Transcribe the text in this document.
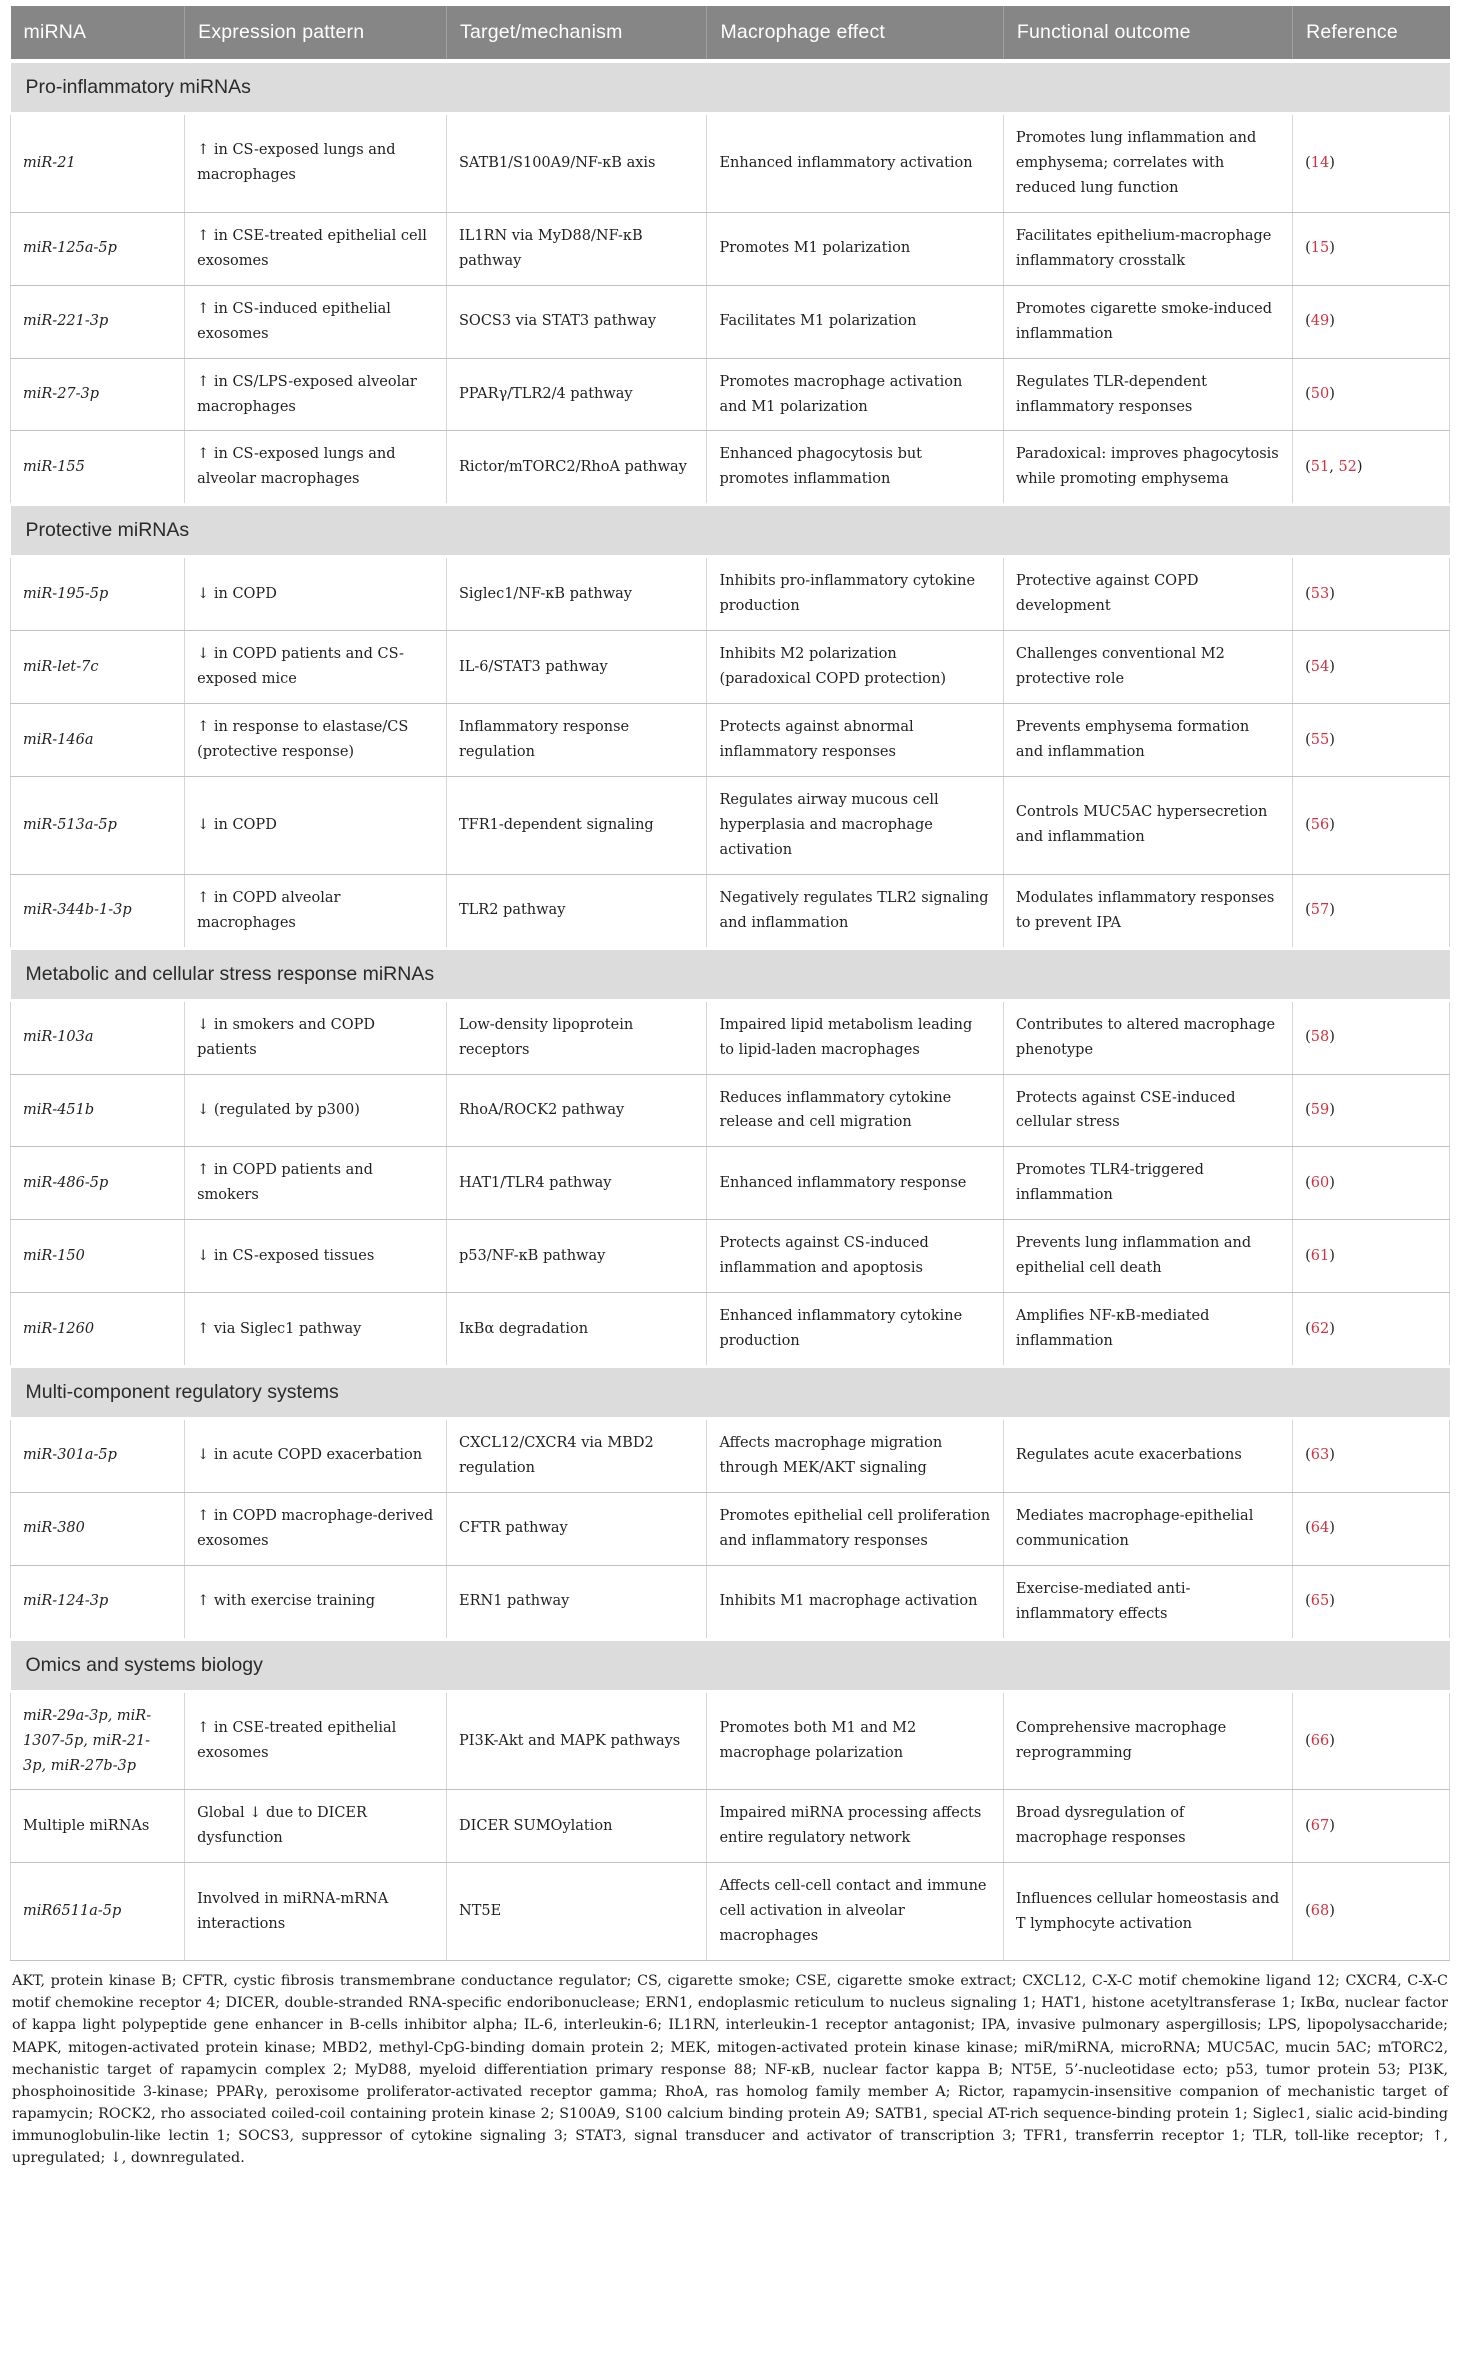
miRNA	Expression pattern	Target/mechanism	Macrophage effect	Functional outcome	Reference
Pro-inflammatory miRNAs					
miR-21	↑ in CS-exposed lungs and macrophages	SATB1/S100A9/NF-κB axis	Enhanced inflammatory activation	Promotes lung inflammation and emphysema; correlates with reduced lung function	(14)
miR-125a-5p	↑ in CSE-treated epithelial cell exosomes	IL1RN via MyD88/NF-κB pathway	Promotes M1 polarization	Facilitates epithelium-macrophage inflammatory crosstalk	(15)
miR-221-3p	↑ in CS-induced epithelial exosomes	SOCS3 via STAT3 pathway	Facilitates M1 polarization	Promotes cigarette smoke-induced inflammation	(49)
miR-27-3p	↑ in CS/LPS-exposed alveolar macrophages	PPARγ/TLR2/4 pathway	Promotes macrophage activation and M1 polarization	Regulates TLR-dependent inflammatory responses	(50)
miR-155	↑ in CS-exposed lungs and alveolar macrophages	Rictor/mTORC2/RhoA pathway	Enhanced phagocytosis but promotes inflammation	Paradoxical: improves phagocytosis while promoting emphysema	(51, 52)
Protective miRNAs					
miR-195-5p	↓ in COPD	Siglec1/NF-κB pathway	Inhibits pro-inflammatory cytokine production	Protective against COPD development	(53)
miR-let-7c	↓ in COPD patients and CS-exposed mice	IL-6/STAT3 pathway	Inhibits M2 polarization (paradoxical COPD protection)	Challenges conventional M2 protective role	(54)
miR-146a	↑ in response to elastase/CS (protective response)	Inflammatory response regulation	Protects against abnormal inflammatory responses	Prevents emphysema formation and inflammation	(55)
miR-513a-5p	↓ in COPD	TFR1-dependent signaling	Regulates airway mucous cell hyperplasia and macrophage activation	Controls MUC5AC hypersecretion and inflammation	(56)
miR-344b-1-3p	↑ in COPD alveolar macrophages	TLR2 pathway	Negatively regulates TLR2 signaling and inflammation	Modulates inflammatory responses to prevent IPA	(57)
Metabolic and cellular stress response miRNAs					
miR-103a	↓ in smokers and COPD patients	Low-density lipoprotein receptors	Impaired lipid metabolism leading to lipid-laden macrophages	Contributes to altered macrophage phenotype	(58)
miR-451b	↓ (regulated by p300)	RhoA/ROCK2 pathway	Reduces inflammatory cytokine release and cell migration	Protects against CSE-induced cellular stress	(59)
miR-486-5p	↑ in COPD patients and smokers	HAT1/TLR4 pathway	Enhanced inflammatory response	Promotes TLR4-triggered inflammation	(60)
miR-150	↓ in CS-exposed tissues	p53/NF-κB pathway	Protects against CS-induced inflammation and apoptosis	Prevents lung inflammation and epithelial cell death	(61)
miR-1260	↑ via Siglec1 pathway	IκBα degradation	Enhanced inflammatory cytokine production	Amplifies NF-κB-mediated inflammation	(62)
Multi-component regulatory systems					
miR-301a-5p	↓ in acute COPD exacerbation	CXCL12/CXCR4 via MBD2 regulation	Affects macrophage migration through MEK/AKT signaling	Regulates acute exacerbations	(63)
miR-380	↑ in COPD macrophage-derived exosomes	CFTR pathway	Promotes epithelial cell proliferation and inflammatory responses	Mediates macrophage-epithelial communication	(64)
miR-124-3p	↑ with exercise training	ERN1 pathway	Inhibits M1 macrophage activation	Exercise-mediated anti-inflammatory effects	(65)
Omics and systems biology					
miR-29a-3p, miR-1307-5p, miR-21-3p, miR-27b-3p	↑ in CSE-treated epithelial exosomes	PI3K-Akt and MAPK pathways	Promotes both M1 and M2 macrophage polarization	Comprehensive macrophage reprogramming	(66)
Multiple miRNAs	Global ↓ due to DICER dysfunction	DICER SUMOylation	Impaired miRNA processing affects entire regulatory network	Broad dysregulation of macrophage responses	(67)
miR6511a-5p	Involved in miRNA-mRNA interactions	NT5E	Affects cell-cell contact and immune cell activation in alveolar macrophages	Influences cellular homeostasis and T lymphocyte activation	(68)

AKT, protein kinase B; CFTR, cystic fibrosis transmembrane conductance regulator; CS, cigarette smoke; CSE, cigarette smoke extract; CXCL12, C-X-C motif chemokine ligand 12; CXCR4, C-X-C motif chemokine receptor 4; DICER, double-stranded RNA-specific endoribonuclease; ERN1, endoplasmic reticulum to nucleus signaling 1; HAT1, histone acetyltransferase 1; IκBα, nuclear factor of kappa light polypeptide gene enhancer in B-cells inhibitor alpha; IL-6, interleukin-6; IL1RN, interleukin-1 receptor antagonist; IPA, invasive pulmonary aspergillosis; LPS, lipopolysaccharide; MAPK, mitogen-activated protein kinase; MBD2, methyl-CpG-binding domain protein 2; MEK, mitogen-activated protein kinase kinase; miR/miRNA, microRNA; MUC5AC, mucin 5AC; mTORC2, mechanistic target of rapamycin complex 2; MyD88, myeloid differentiation primary response 88; NF-κB, nuclear factor kappa B; NT5E, 5’-nucleotidase ecto; p53, tumor protein 53; PI3K, phosphoinositide 3-kinase; PPARγ, peroxisome proliferator-activated receptor gamma; RhoA, ras homolog family member A; Rictor, rapamycin-insensitive companion of mechanistic target of rapamycin; ROCK2, rho associated coiled-coil containing protein kinase 2; S100A9, S100 calcium binding protein A9; SATB1, special AT-rich sequence-binding protein 1; Siglec1, sialic acid-binding immunoglobulin-like lectin 1; SOCS3, suppressor of cytokine signaling 3; STAT3, signal transducer and activator of transcription 3; TFR1, transferrin receptor 1; TLR, toll-like receptor; ↑, upregulated; ↓, downregulated.
